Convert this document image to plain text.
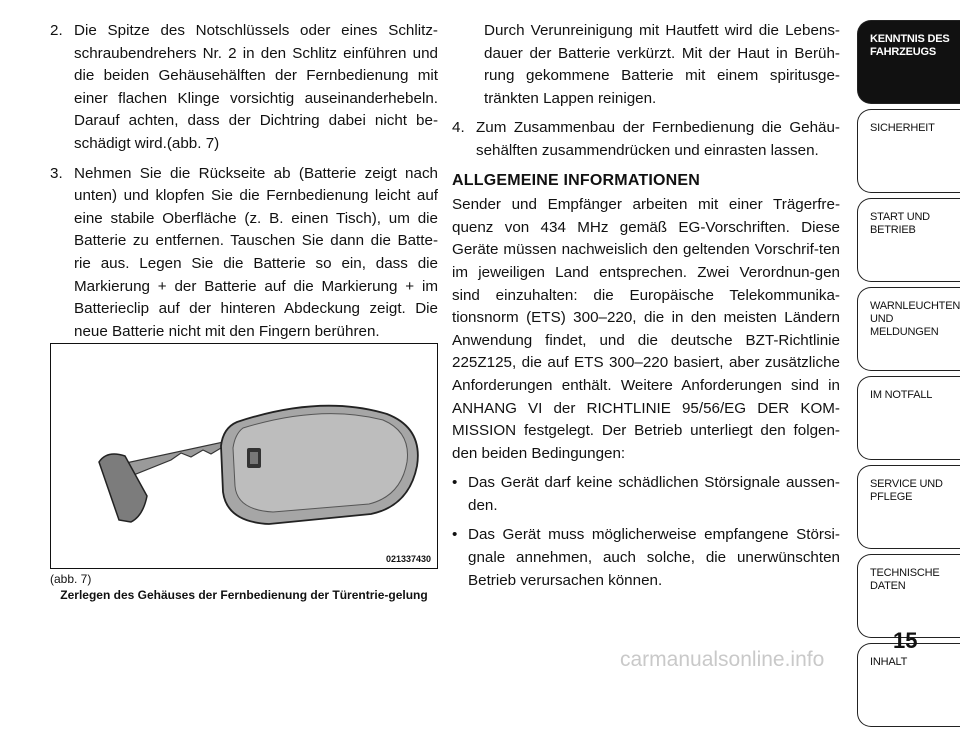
2. Die Spitze des Notschlüssels oder eines Schlitz-schraubendrehers Nr. 2 in den Schlitz einführen und die beiden Gehäusehälften der Fernbedienung mit einer flachen Klinge vorsichtig auseinanderhebeln. Darauf achten, dass der Dichtring dabei nicht be-schädigt wird.(abb. 7)
3. Nehmen Sie die Rückseite ab (Batterie zeigt nach unten) und klopfen Sie die Fernbedienung leicht auf eine stabile Oberfläche (z. B. einen Tisch), um die Batterie zu entfernen. Tauschen Sie dann die Batte-rie aus. Legen Sie die Batterie so ein, dass die Markierung + der Batterie auf die Markierung + im Batterieclip auf der hinteren Abdeckung zeigt. Die neue Batterie nicht mit den Fingern berühren.
021337430
(abb. 7)
Zerlegen des Gehäuses der Fernbedienung der Türentrie-gelung
Durch Verunreinigung mit Hautfett wird die Lebens-dauer der Batterie verkürzt. Mit der Haut in Berüh-rung gekommene Batterie mit einem spiritusge-tränkten Lappen reinigen.
4. Zum Zusammenbau der Fernbedienung die Gehäu-sehälften zusammendrücken und einrasten lassen.
ALLGEMEINE INFORMATIONEN
Sender und Empfänger arbeiten mit einer Trägerfre-quenz von 434 MHz gemäß EG-Vorschriften. Diese Geräte müssen nachweislich den geltenden Vorschrif-ten im jeweiligen Land entsprechen. Zwei Verordnun-gen sind einzuhalten: die Europäische Telekommunika-tionsnorm (ETS) 300–220, die in den meisten Ländern Anwendung findet, und die deutsche BZT-Richtlinie 225Z125, die auf ETS 300–220 basiert, aber zusätzliche Anforderungen enthält. Weitere Anforderungen sind in ANHANG VI der RICHTLINIE 95/56/EG DER KOM-MISSION festgelegt. Der Betrieb unterliegt den folgen-den beiden Bedingungen:
• Das Gerät darf keine schädlichen Störsignale aussen-den.
• Das Gerät muss möglicherweise empfangene Störsi-gnale annehmen, auch solche, die unerwünschten Betrieb verursachen können.
KENNTNIS DES FAHRZEUGS
SICHERHEIT
START UND BETRIEB
WARNLEUCHTEN UND MELDUNGEN
IM NOTFALL
SERVICE UND PFLEGE
TECHNISCHE DATEN
INHALT
15
carmanualsonline.info
